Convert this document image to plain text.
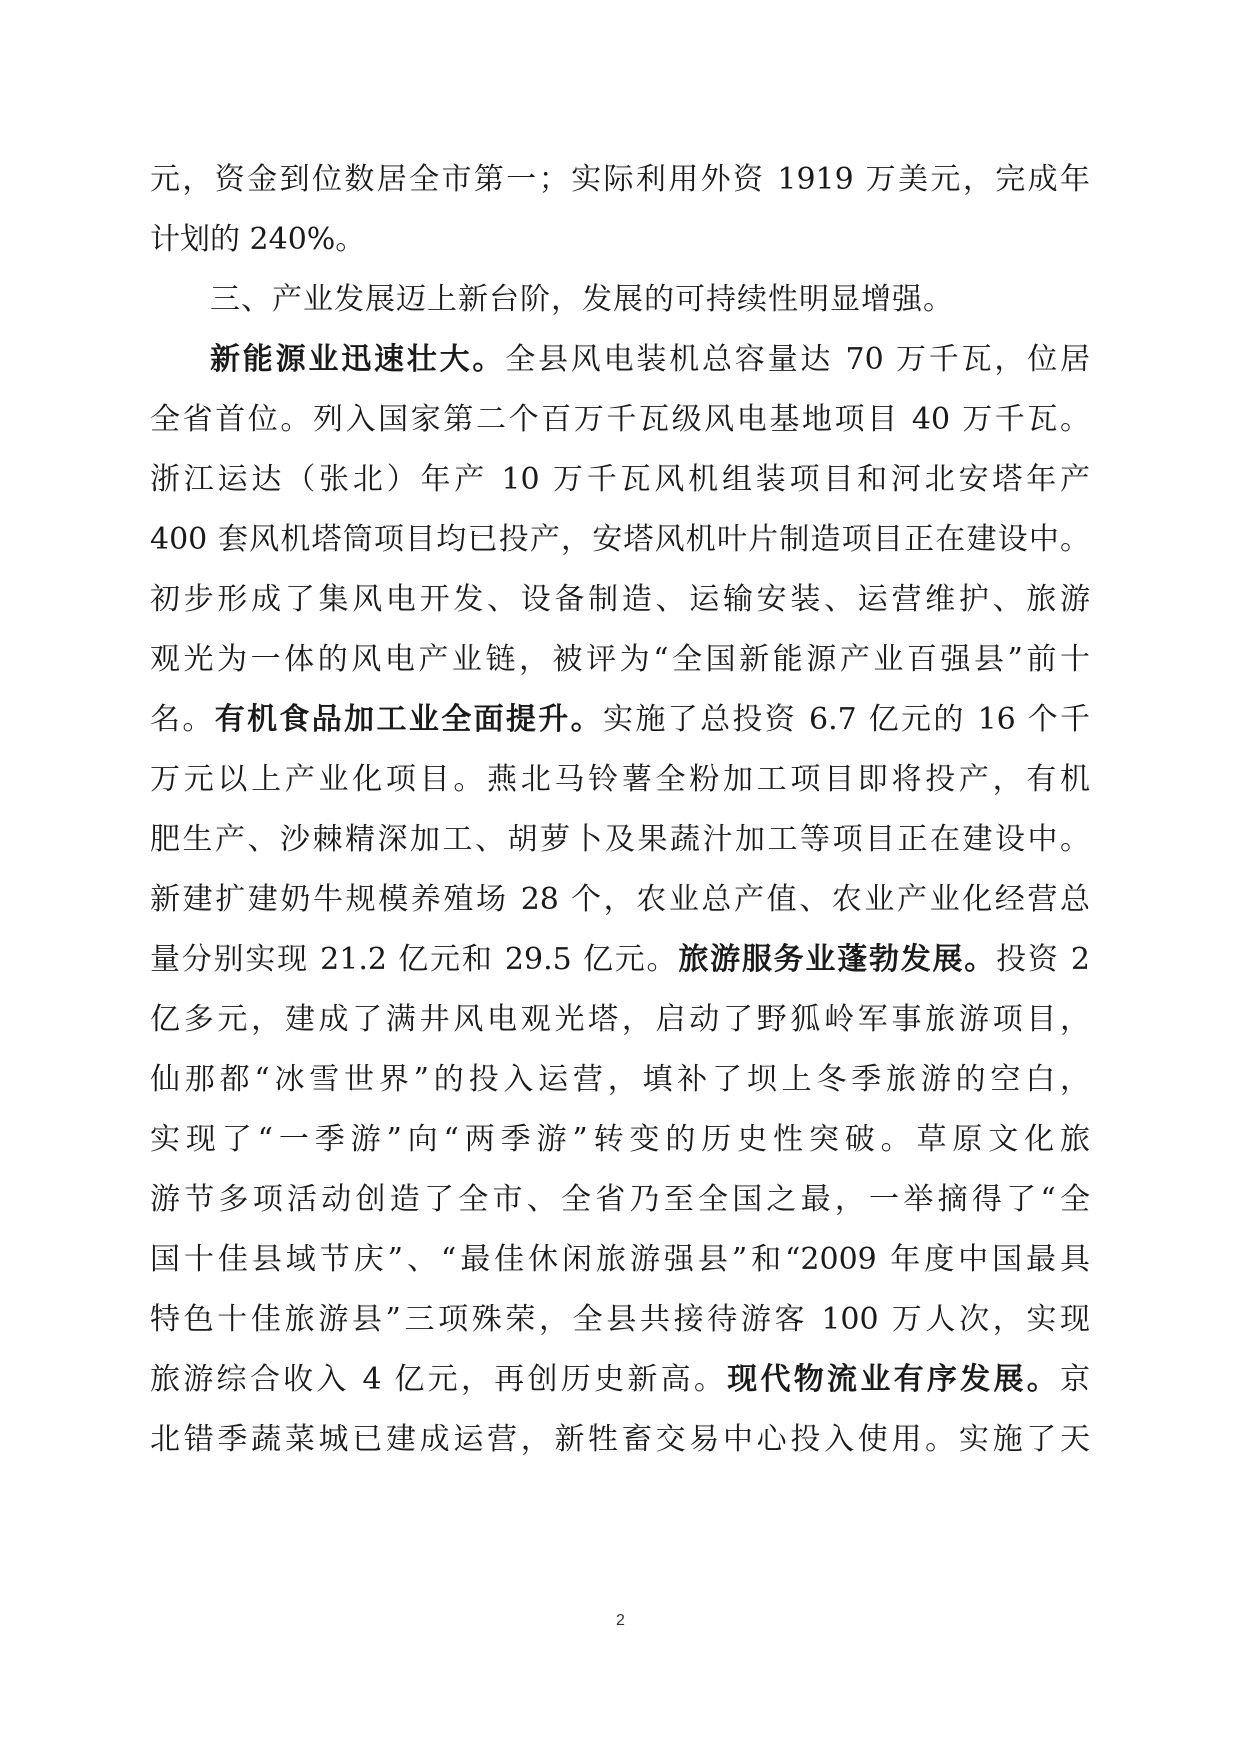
元，资金到位数居全市第一；实际利用外资 1919 万美元，完成年
计划的 240%。
三、产业发展迈上新台阶，发展的可持续性明显增强。
新能源业迅速壮大。全县风电装机总容量达 70 万千瓦，位居
全省首位。列入国家第二个百万千瓦级风电基地项目 40 万千瓦。
浙江运达（张北）年产 10 万千瓦风机组装项目和河北安塔年产
400 套风机塔筒项目均已投产，安塔风机叶片制造项目正在建设中。
初步形成了集风电开发、设备制造、运输安装、运营维护、旅游
观光为一体的风电产业链，被评为“全国新能源产业百强县”前十
名。有机食品加工业全面提升。实施了总投资 6.7 亿元的 16 个千
万元以上产业化项目。燕北马铃薯全粉加工项目即将投产，有机
肥生产、沙棘精深加工、胡萝卜及果蔬汁加工等项目正在建设中。
新建扩建奶牛规模养殖场 28 个，农业总产值、农业产业化经营总
量分别实现 21.2 亿元和 29.5 亿元。旅游服务业蓬勃发展。投资 2
亿多元，建成了满井风电观光塔，启动了野狐岭军事旅游项目，
仙那都“冰雪世界”的投入运营，填补了坝上冬季旅游的空白，
实现了“一季游”向“两季游”转变的历史性突破。草原文化旅
游节多项活动创造了全市、全省乃至全国之最，一举摘得了“全
国十佳县域节庆”、“最佳休闲旅游强县”和“2009 年度中国最具
特色十佳旅游县”三项殊荣，全县共接待游客 100 万人次，实现
旅游综合收入 4 亿元，再创历史新高。现代物流业有序发展。京
北错季蔬菜城已建成运营，新牲畜交易中心投入使用。实施了天
2
